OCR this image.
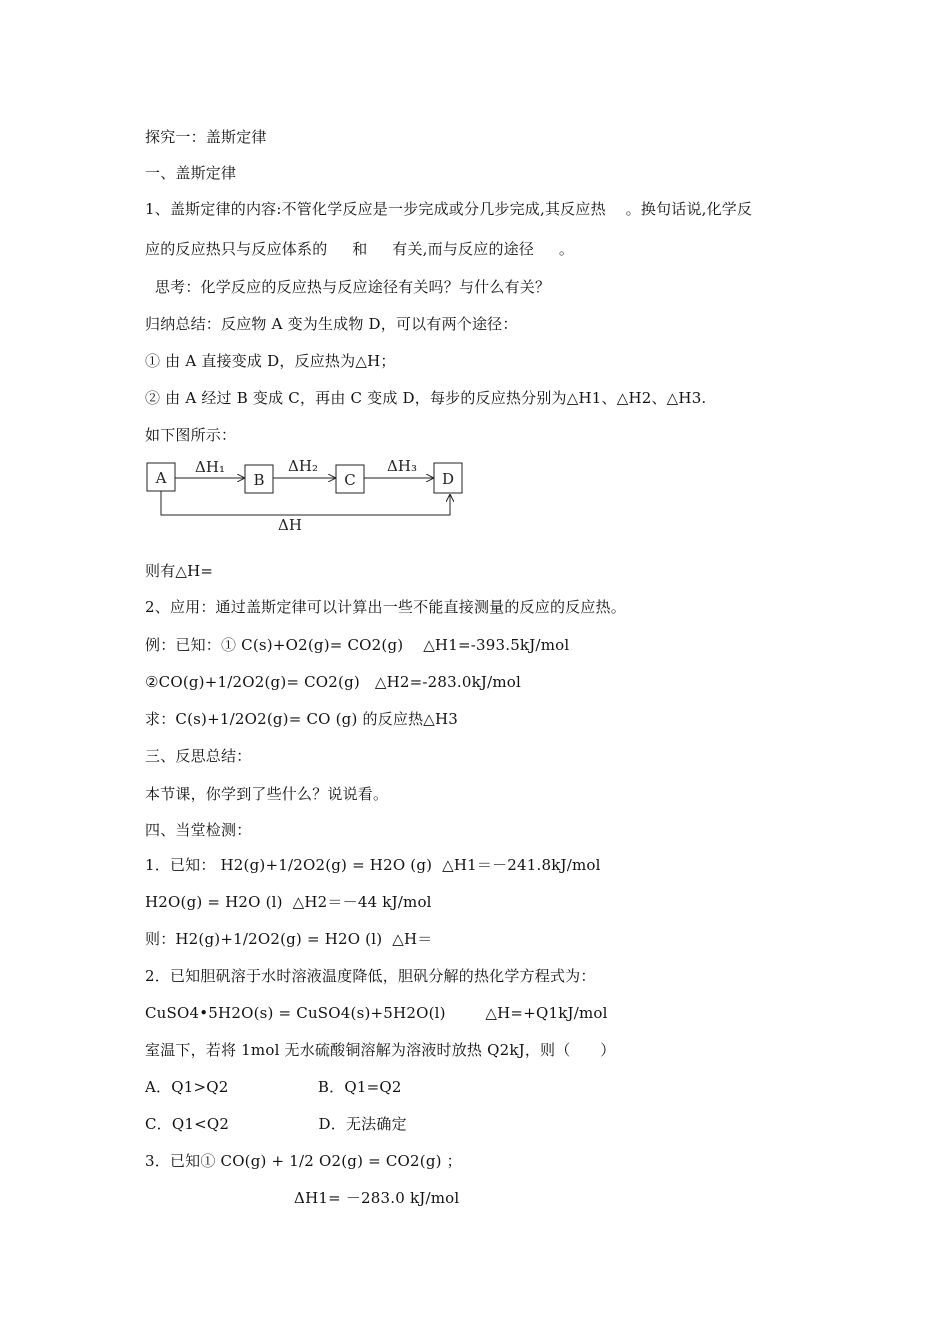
探究一：盖斯定律
一、盖斯定律
1、盖斯定律的内容:不管化学反应是一步完成或分几步完成,其反应热    。换句话说,化学反
应的反应热只与反应体系的     和     有关,而与反应的途径     。
思考：化学反应的反应热与反应途径有关吗？与什么有关？
归纳总结：反应物 A 变为生成物 D，可以有两个途径：
① 由 A 直接变成 D，反应热为△H；
② 由 A 经过 B 变成 C，再由 C 变成 D，每步的反应热分别为△H1、△H2、△H3.
如下图所示：
A	B	C	D
ΔH₁	ΔH₂	ΔH₃
ΔH
则有△H=
2、应用：通过盖斯定律可以计算出一些不能直接测量的反应的反应热。
例：已知：① C(s)+O2(g)= CO2(g)    △H1=-393.5kJ/mol
②CO(g)+1/2O2(g)= CO2(g)   △H2=-283.0kJ/mol
求：C(s)+1/2O2(g)= CO (g) 的反应热△H3
三、反思总结：
本节课，你学到了些什么？说说看。
四、当堂检测：
1．已知： H2(g)+1/2O2(g) = H2O (g)  △H1＝－241.8kJ/mol
H2O(g) = H2O (l)  △H2＝－44 kJ/mol
则：H2(g)+1/2O2(g) = H2O (l)  △H＝
2．已知胆矾溶于水时溶液温度降低，胆矾分解的热化学方程式为：
CuSO4•5H2O(s) = CuSO4(s)+5H2O(l)        △H=+Q1kJ/mol
室温下，若将 1mol 无水硫酸铜溶解为溶液时放热 Q2kJ，则（      ）
A．Q1>Q2                  B．Q1=Q2
C．Q1<Q2                  D．无法确定
3．已知① CO(g) + 1/2 O2(g) = CO2(g) ；
ΔH1= －283.0 kJ/mol
